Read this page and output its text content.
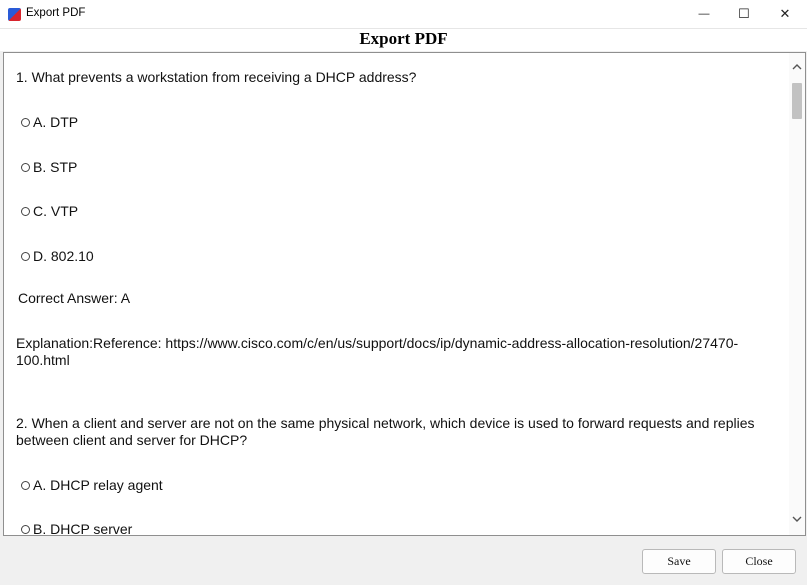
Export PDF	— ☐ ✕
Export PDF
1. What prevents a workstation from receiving a DHCP address?
A. DTP
B. STP
C. VTP
D. 802.10
Correct Answer: A
Explanation:Reference: https://www.cisco.com/c/en/us/support/docs/ip/dynamic-address-allocation-resolution/27470-
100.html
2. When a client and server are not on the same physical network, which device is used to forward requests and replies
between client and server for DHCP?
A. DHCP relay agent
B. DHCP server
Save	Close
